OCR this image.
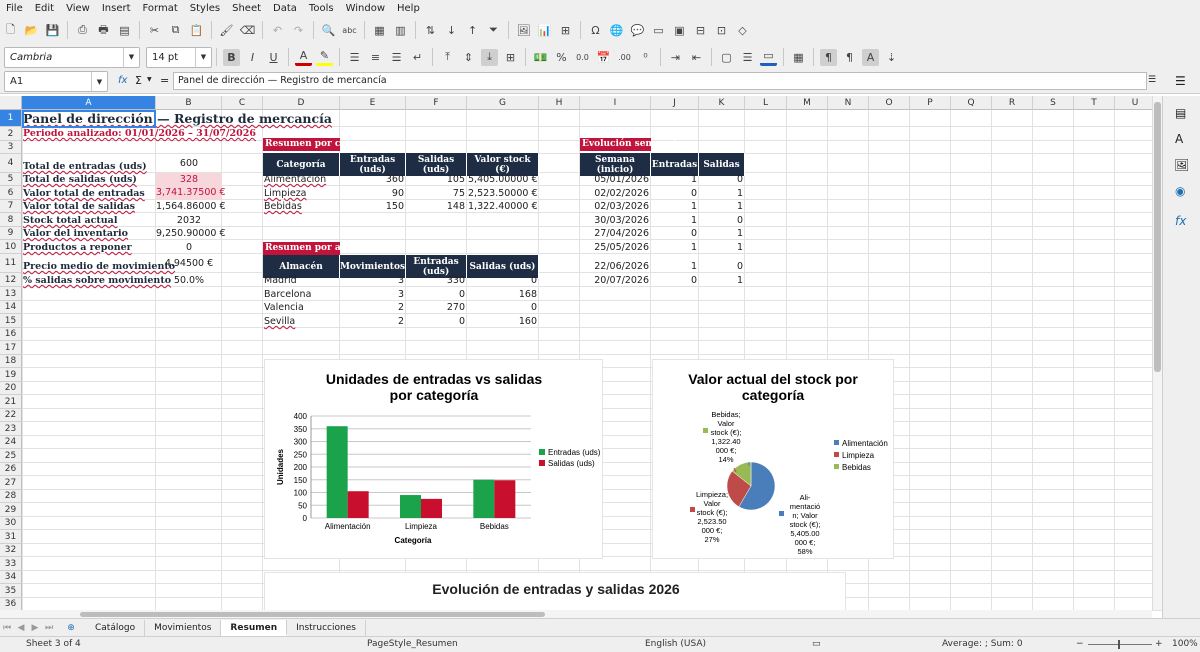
File Edit View Insert Format Styles Sheet Data Tools Window Help
🗋 📂 💾	⎙	🖶 ▤	✂	⧉ 📋 🖌 ⌫	↶	↷	🔍 abc ▦ ▥	⇅	↓	↑	⏷	🖼 📊 ⊞	Ω 🌐 💬 ▭ ▣	⊟	⊡	◇
Cambria	▼	14 pt	▼	B	I	U	A	✎	☰	≡	☰	↵	⤒	⇕	⤓	⊞	💵 %	0.0 📅 .00	⁰	⇥	⇤	▢ ☰ ▭ ▦	¶	¶	A	⇣
A1	▼	fx Σ ▼ = Panel de dirección — Registro de mercancía	☰
A	B	C	D	E	F	G	H	I	J	K	L	M	N	O	P	Q	R	S	T	U
1
2
3
4
5
6
7
8
9
10
11
12
13
14
15
16
17
18
19
20
21
22
23
24
25
26
27
28
29
30
31
32
33
34
35
36
Panel de dirección — Registro de mercancía
Periodo analizado: 01/01/2026 – 31/07/2026
Total de entradas (uds)	600
Total de salidas (uds)	328
Valor total de entradas 3,741.37500 €
Valor total de salidas 1,564.86000 €
Stock total actual	2032
Valor del inventario	9,250.90000 €
Productos a reponer	0
Precio medio de movimiento
4.94500 €
% salidas sobre movimiento 50.0%
Resumen por categoría
Resumen por almacén
Evolución semanal
Categoría	Entradas (uds)
Salidas (uds)
Valor stock (€)
Alimentación	360	105 5,405.00000 €
Limpieza	90	75 2,523.50000 €
Bebidas	150	148 1,322.40000 €
Almacén	Movimientos Entradas (uds)	Salidas (uds)
Madrid	3	330	0
Barcelona	3	0	168
Valencia	2	270	0
Sevilla	2	0	160
Semana (inicio)	Entradas Salidas
05/01/2026	1	0
02/02/2026	0	1
02/03/2026	1	1
30/03/2026	1	0
27/04/2026	0	1
25/05/2026	1	1
22/06/2026	1	0
20/07/2026	0	1
Unidades de entradas vs salidas por categoría
0
50
100
150
200
250
300
350
400
Alimentación	Limpieza	Bebidas
Categoría
Unidades	Entradas (uds)
Salidas (uds)
Valor actual del stock por categoría
Ali-mentació n; Valor stock (€); 5,405.00 000 €; 58%
Limpieza; Valor stock (€); 2,523.50 000 €; 27%
Bebidas; Valor stock (€); 1,322.40 000 €; 14%
Alimentación
Limpieza
Bebidas
Evolución de entradas y salidas 2026
☰
▤
A
🖼
◉
fx
⏮ ◀ ▶ ⏭	⊕	Catálogo	Movimientos	Resumen	Instrucciones
Sheet 3 of 4	PageStyle_Resumen	English (USA)	▭	Average: ; Sum: 0	−	+ 100%
